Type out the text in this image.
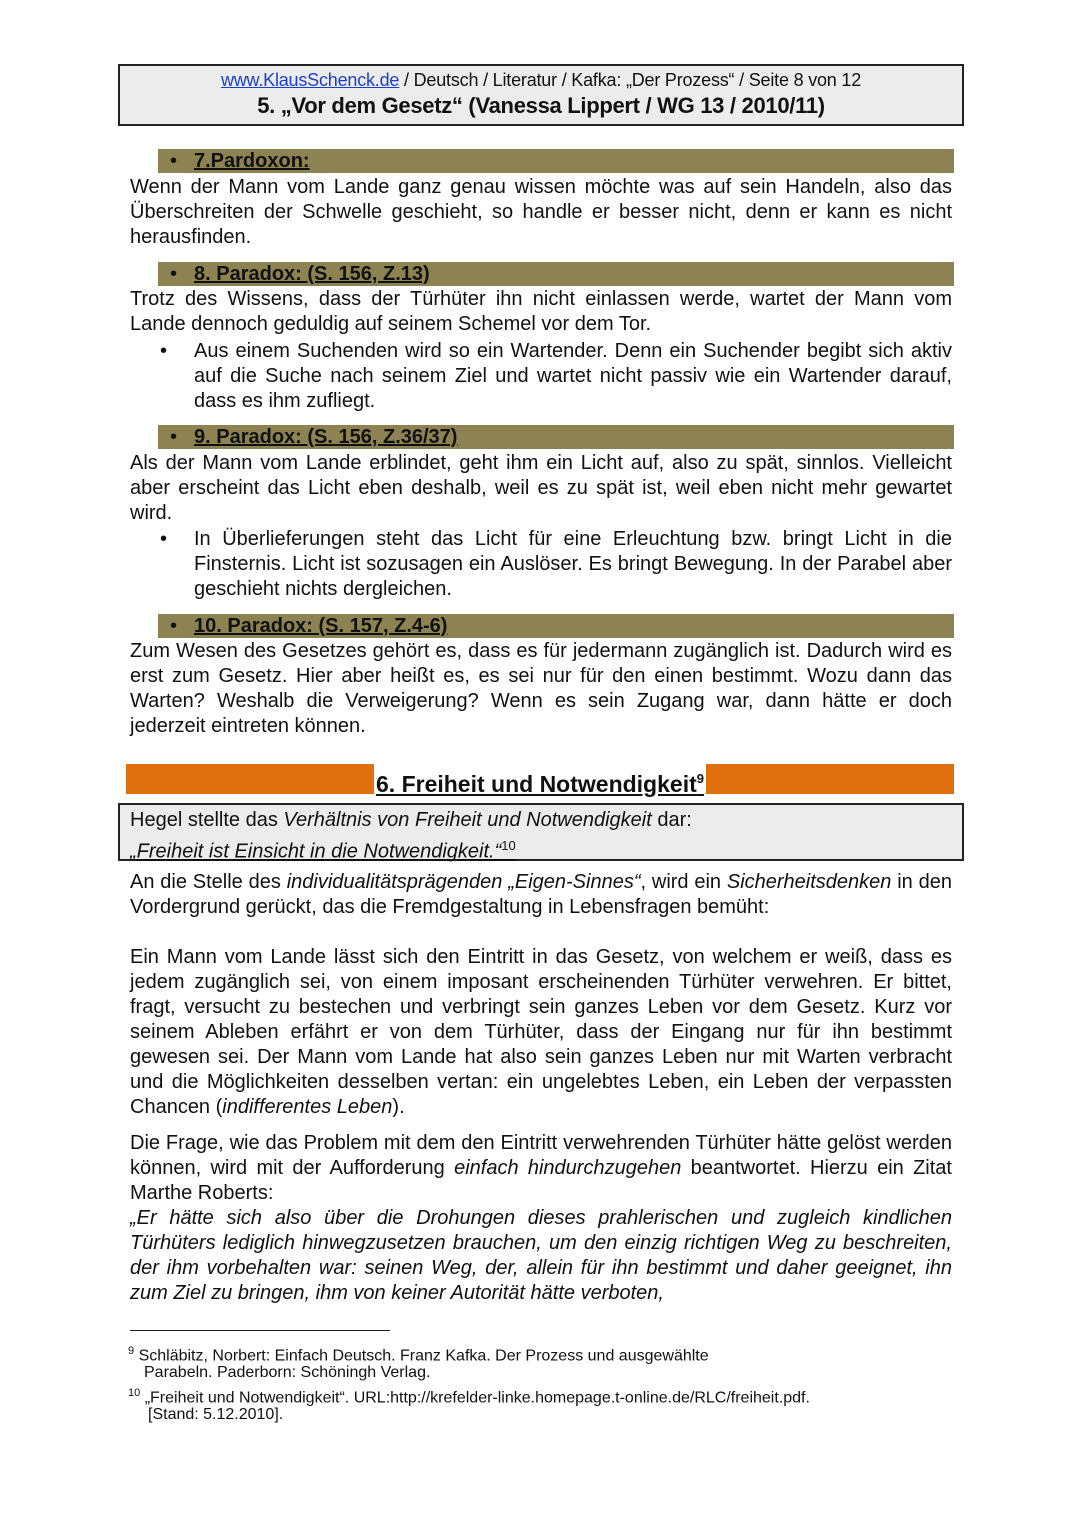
www.KlausSchenck.de / Deutsch / Literatur / Kafka: „Der Prozess“ / Seite 8 von 12
5. „Vor dem Gesetz“ (Vanessa Lippert / WG 13 / 2010/11)
• 7.Pardoxon:

Wenn der Mann vom Lande ganz genau wissen möchte was auf sein Handeln, also das Überschreiten der Schwelle geschieht, so handle er besser nicht, denn er kann es nicht herausfinden.

• 8. Paradox: (S. 156, Z.13)

Trotz des Wissens, dass der Türhüter ihn nicht einlassen werde, wartet der Mann vom Lande dennoch geduldig auf seinem Schemel vor dem Tor.

• Aus einem Suchenden wird so ein Wartender. Denn ein Suchender begibt sich aktiv auf die Suche nach seinem Ziel und wartet nicht passiv wie ein Wartender darauf, dass es ihm zufliegt.

• 9. Paradox: (S. 156, Z.36/37)

Als der Mann vom Lande erblindet, geht ihm ein Licht auf, also zu spät, sinnlos. Vielleicht aber erscheint das Licht eben deshalb, weil es zu spät ist, weil eben nicht mehr gewartet wird.

• In Überlieferungen steht das Licht für eine Erleuchtung bzw. bringt Licht in die Finsternis. Licht ist sozusagen ein Auslöser. Es bringt Bewegung. In der Parabel aber geschieht nichts dergleichen.

• 10. Paradox: (S. 157, Z.4-6)

Zum Wesen des Gesetzes gehört es, dass es für jedermann zugänglich ist. Dadurch wird es erst zum Gesetz. Hier aber heißt es, es sei nur für den einen bestimmt. Wozu dann das Warten? Weshalb die Verweigerung? Wenn es sein Zugang war, dann hätte er doch jederzeit eintreten können.

6. Freiheit und Notwendigkeit$^9$
Hegel stellte das Verhältnis von Freiheit und Notwendigkeit dar:
„Freiheit ist Einsicht in die Notwendigkeit.“$^{10}$

An die Stelle des individualitätsprägenden „Eigen-Sinnes“, wird ein Sicherheitsdenken in den Vordergrund gerückt, das die Fremdgestaltung in Lebensfragen bemüht:

Ein Mann vom Lande lässt sich den Eintritt in das Gesetz, von welchem er weiß, dass es jedem zugänglich sei, von einem imposant erscheinenden Türhüter verwehren. Er bittet, fragt, versucht zu bestechen und verbringt sein ganzes Leben vor dem Gesetz. Kurz vor seinem Ableben erfährt er von dem Türhüter, dass der Eingang nur für ihn bestimmt gewesen sei. Der Mann vom Lande hat also sein ganzes Leben nur mit Warten verbracht und die Möglichkeiten desselben vertan: ein ungelebtes Leben, ein Leben der verpassten Chancen (indifferentes Leben).

Die Frage, wie das Problem mit dem den Eintritt verwehrenden Türhüter hätte gelöst werden können, wird mit der Aufforderung einfach hindurchzugehen beantwortet. Hierzu ein Zitat Marthe Roberts:

„Er hätte sich also über die Drohungen dieses prahlerischen und zugleich kindlichen Türhüters lediglich hinwegzusetzen brauchen, um den einzig richtigen Weg zu beschreiten, der ihm vorbehalten war: seinen Weg, der, allein für ihn bestimmt und daher geeignet, ihn zum Ziel zu bringen, ihm von keiner Autorität hätte verboten,

$^9$ Schläbitz, Norbert: Einfach Deutsch. Franz Kafka. Der Prozess und ausgewählte
Parabeln. Paderborn: Schöningh Verlag.
$^{10}$ „Freiheit und Notwendigkeit“. URL:http://krefelder-linke.homepage.t-online.de/RLC/freiheit.pdf.
[Stand: 5.12.2010].
